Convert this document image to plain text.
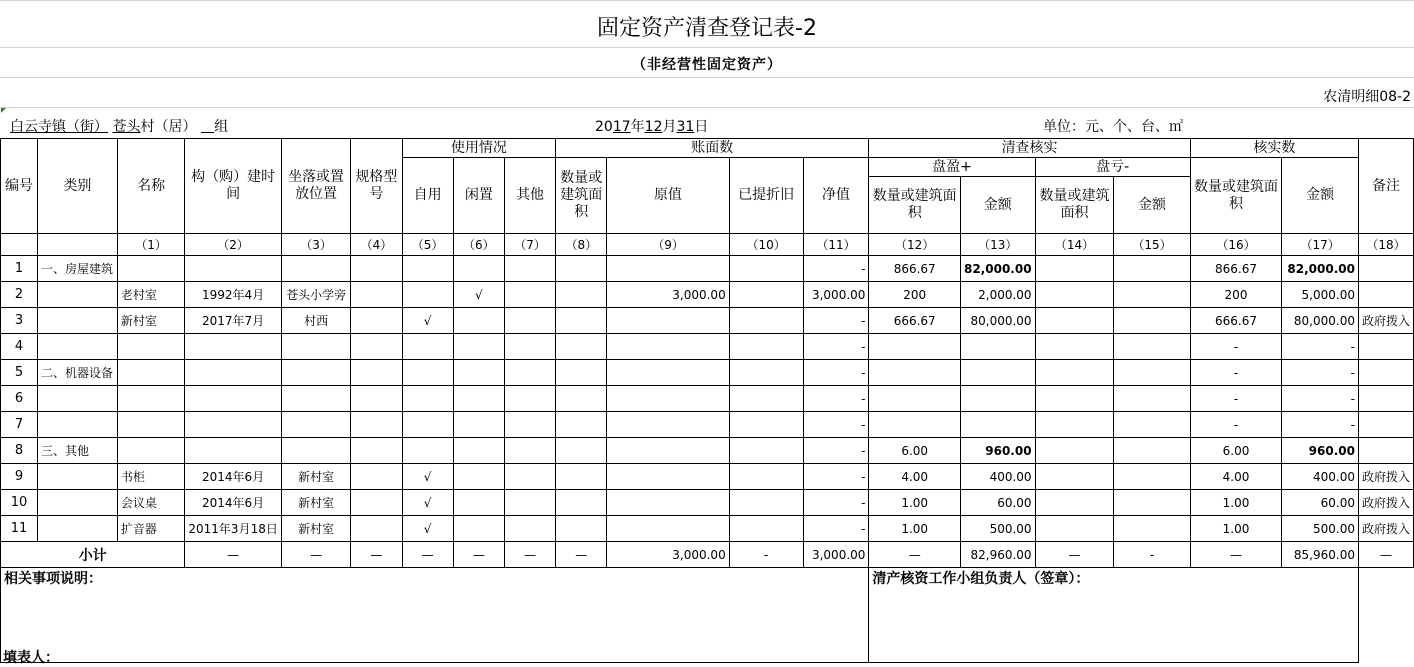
固定资产清查登记表-2
（非经营性固定资产）
农清明细08-2
白云寺镇（街） 苍头村（居） 组	2017年12月31日	单位：元、个、台、㎡
编号	类别	名称	构（购）建时间	坐落或置放位置	规格型号	使用情况			账面数				清查核实				核实数		备注
						自用	闲置	其他	数量或建筑面积	原值	已提折旧	净值	盘盈+		盘亏-		数量或建筑面积	金额	
													数量或建筑面积	金额	数量或建筑面积	金额			
		（1）	（2）	（3）	（4）	（5）	（6）	（7）	（8）	（9）	（10）	（11）	（12）	（13）	（14）	（15）	（16）	（17）	（18）
1	一、房屋建筑											-	866.67	82,000.00			866.67	82,000.00	
2		老村室	1992年4月	苍头小学旁			√			3,000.00		3,000.00	200	2,000.00			200	5,000.00	
3		新村室	2017年7月	村西		√						-	666.67	80,000.00			666.67	80,000.00	政府拨入
4												-					-	-	
5	二、机器设备											-					-	-	
6												-					-	-	
7												-					-	-	
8	三、其他											-	6.00	960.00			6.00	960.00	
9		书柜	2014年6月	新村室		√						-	4.00	400.00			4.00	400.00	政府拨入
10		会议桌	2014年6月	新村室		√						-	1.00	60.00			1.00	60.00	政府拨入
11		扩音器	2011年3月18日	新村室		√						-	1.00	500.00			1.00	500.00	政府拨入
小计			—	—	—	—	—	—	—	3,000.00	-	3,000.00	—	82,960.00	—	-	—	85,960.00	—
相关事项说明：													清产核资工作小组负责人（签章）：						
填表人：
